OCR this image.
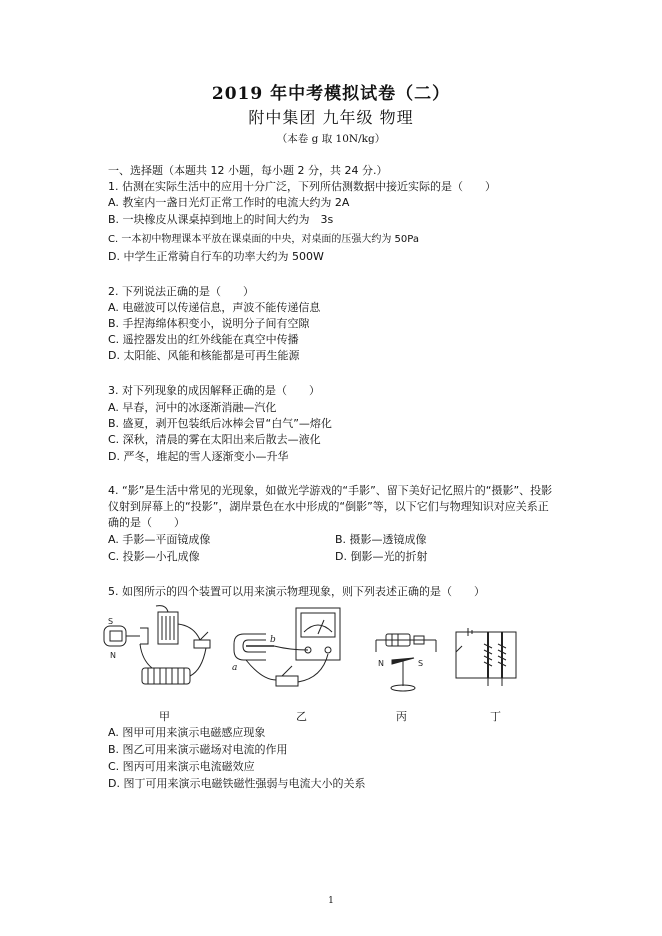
2019 年中考模拟试卷（二）
附中集团 九年级 物理
（本卷 g 取 10N/kg）
一、选择题（本题共 12 小题，每小题 2 分，共 24 分.）
1. 估测在实际生活中的应用十分广泛，下列所估测数据中接近实际的是（　　）
A. 教室内一盏日光灯正常工作时的电流大约为 2A
B. 一块橡皮从课桌掉到地上的时间大约为　3s
C. 一本初中物理课本平放在课桌面的中央，对桌面的压强大约为 50Pa
D. 中学生正常骑自行车的功率大约为 500W
2. 下列说法正确的是（　　）
A. 电磁波可以传递信息，声波不能传递信息
B. 手捏海绵体积变小，说明分子间有空隙
C. 遥控器发出的红外线能在真空中传播
D. 太阳能、风能和核能都是可再生能源
3. 对下列现象的成因解释正确的是（　　）
A. 早春，河中的冰逐渐消融—汽化
B. 盛夏，剥开包装纸后冰棒会冒“白气”—熔化
C. 深秋，清晨的雾在太阳出来后散去—液化
D. 严冬，堆起的雪人逐渐变小—升华
4. “影”是生活中常见的光现象，如做光学游戏的“手影”、留下美好记忆照片的“摄影”、投影
仪射到屏幕上的“投影”，湖岸景色在水中形成的“倒影”等，以下它们与物理知识对应关系正
确的是（　　）
A. 手影—平面镜成像	B. 摄影—透镜成像
C. 投影—小孔成像	D. 倒影—光的折射
5. 如图所示的四个装置可以用来演示物理现象，则下列表述正确的是（　　）
S
N
a
b
N	S
甲	乙	丙	丁
A. 图甲可用来演示电磁感应现象
B. 图乙可用来演示磁场对电流的作用
C. 图丙可用来演示电流磁效应
D. 图丁可用来演示电磁铁磁性强弱与电流大小的关系
1
